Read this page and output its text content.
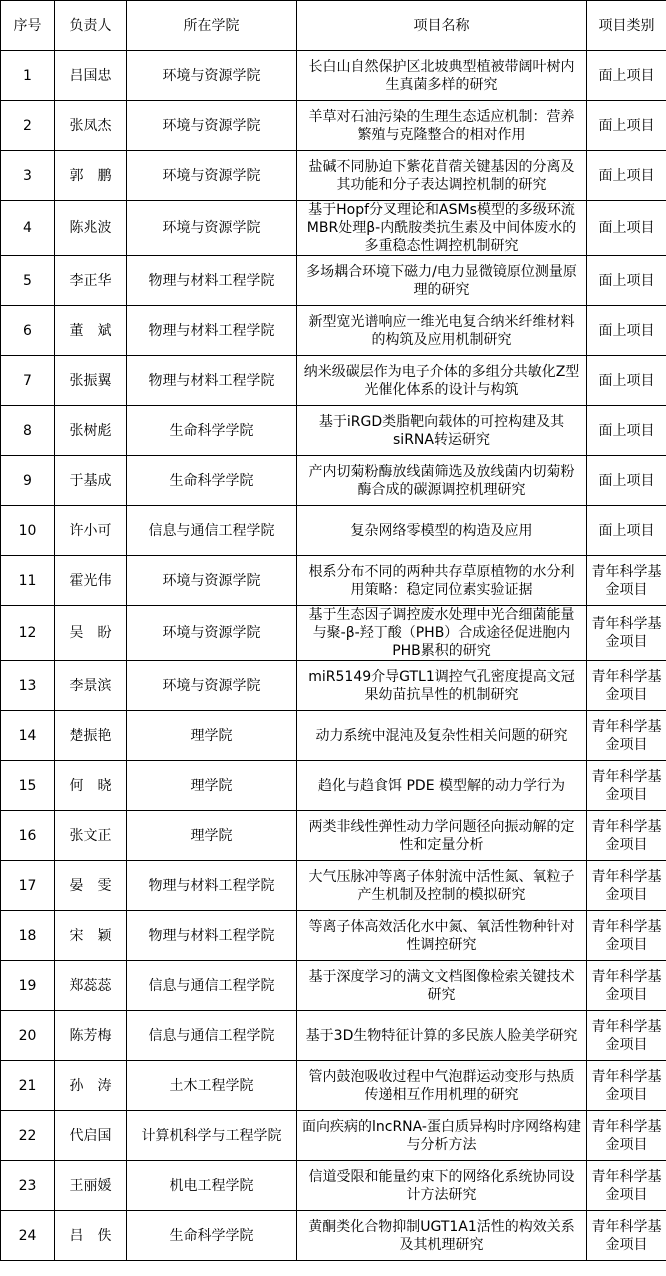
序号	负责人	所在学院	项目名称	项目类别
1	吕国忠	环境与资源学院	长白山自然保护区北坡典型植被带阔叶树内生真菌多样的研究	面上项目
2	张凤杰	环境与资源学院	羊草对石油污染的生理生态适应机制：营养繁殖与克隆整合的相对作用	面上项目
3	郭　鹏	环境与资源学院	盐碱不同胁迫下紫花苜蓿关键基因的分离及其功能和分子表达调控机制的研究	面上项目
4	陈兆波	环境与资源学院	基于Hopf分叉理论和ASMs模型的多级环流MBR处理β-内酰胺类抗生素及中间体废水的多重稳态性调控机制研究	面上项目
5	李正华	物理与材料工程学院	多场耦合环境下磁力/电力显微镜原位测量原理的研究	面上项目
6	董　斌	物理与材料工程学院	新型宽光谱响应一维光电复合纳米纤维材料的构筑及应用机制研究	面上项目
7	张振翼	物理与材料工程学院	纳米级碳层作为电子介体的多组分共敏化Z型光催化体系的设计与构筑	面上项目
8	张树彪	生命科学学院	基于iRGD类脂靶向载体的可控构建及其siRNA转运研究	面上项目
9	于基成	生命科学学院	产内切菊粉酶放线菌筛选及放线菌内切菊粉酶合成的碳源调控机理研究	面上项目
10	许小可	信息与通信工程学院	复杂网络零模型的构造及应用	面上项目
11	霍光伟	环境与资源学院	根系分布不同的两种共存草原植物的水分利用策略：稳定同位素实验证据	青年科学基金项目
12	吴　盼	环境与资源学院	基于生态因子调控废水处理中光合细菌能量与聚-β-羟丁酸（PHB）合成途径促进胞内PHB累积的研究	青年科学基金项目
13	李景滨	环境与资源学院	miR5149介导GTL1调控气孔密度提高文冠果幼苗抗旱性的机制研究	青年科学基金项目
14	楚振艳	理学院	动力系统中混沌及复杂性相关问题的研究	青年科学基金项目
15	何　晓	理学院	趋化与趋食饵 PDE 模型解的动力学行为	青年科学基金项目
16	张文正	理学院	两类非线性弹性动力学问题径向振动解的定性和定量分析	青年科学基金项目
17	晏　雯	物理与材料工程学院	大气压脉冲等离子体射流中活性氮、氧粒子产生机制及控制的模拟研究	青年科学基金项目
18	宋　颖	物理与材料工程学院	等离子体高效活化水中氮、氧活性物种针对性调控研究	青年科学基金项目
19	郑蕊蕊	信息与通信工程学院	基于深度学习的满文文档图像检索关键技术研究	青年科学基金项目
20	陈芳梅	信息与通信工程学院	基于3D生物特征计算的多民族人脸美学研究	青年科学基金项目
21	孙　涛	土木工程学院	管内鼓泡吸收过程中气泡群运动变形与热质传递相互作用机理的研究	青年科学基金项目
22	代启国	计算机科学与工程学院	面向疾病的lncRNA-蛋白质异构时序网络构建与分析方法	青年科学基金项目
23	王丽媛	机电工程学院	信道受限和能量约束下的网络化系统协同设计方法研究	青年科学基金项目
24	吕　佚	生命科学学院	黄酮类化合物抑制UGT1A1活性的构效关系及其机理研究	青年科学基金项目
